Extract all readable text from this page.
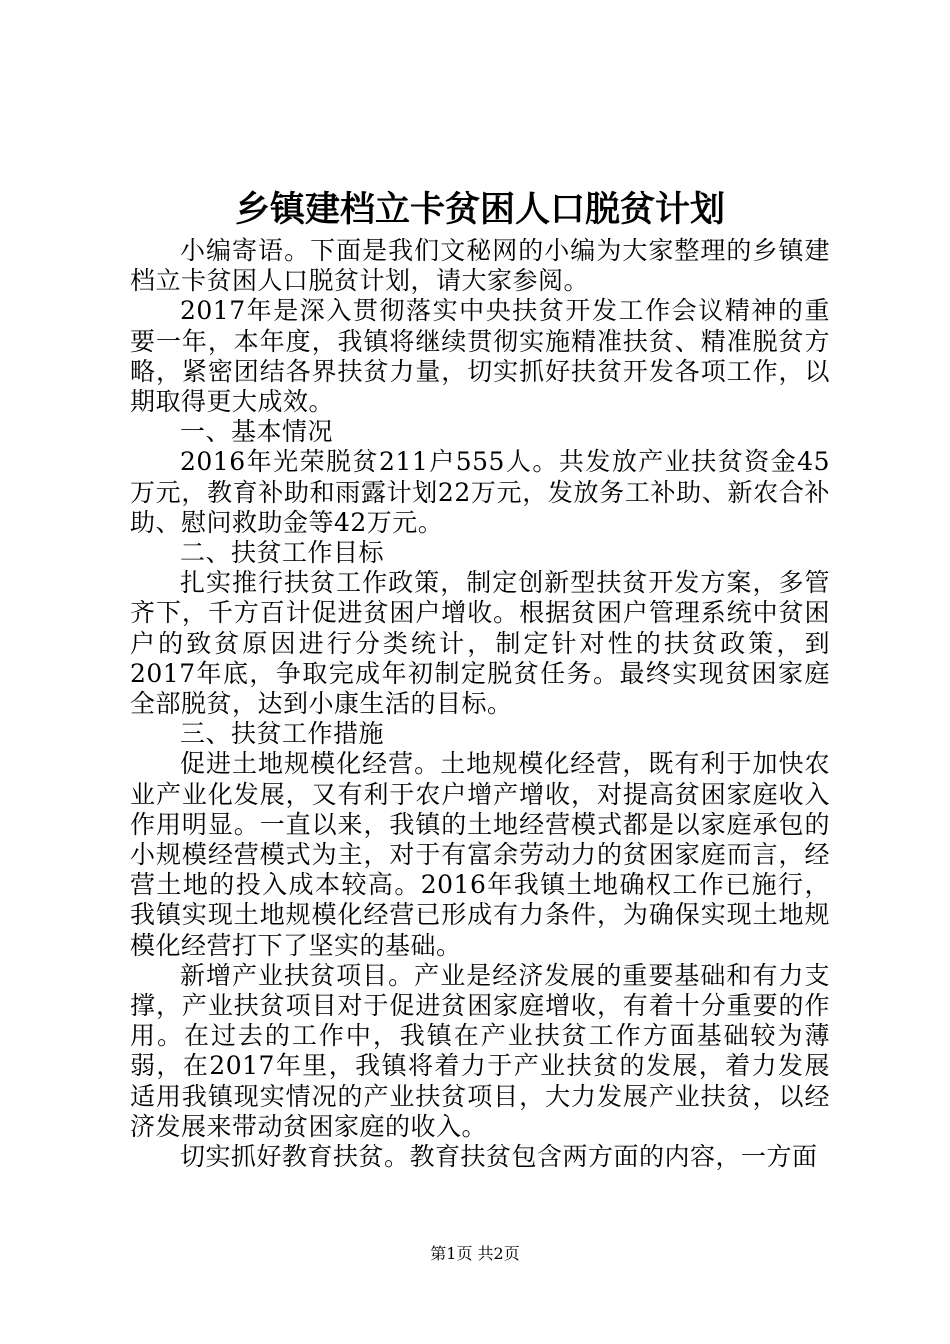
乡镇建档立卡贫困人口脱贫计划

小编寄语。下面是我们文秘网的小编为大家整理的乡镇建档立卡贫困人口脱贫计划，请大家参阅。

2017年是深入贯彻落实中央扶贫开发工作会议精神的重要一年，本年度，我镇将继续贯彻实施精准扶贫、精准脱贫方略，紧密团结各界扶贫力量，切实抓好扶贫开发各项工作，以期取得更大成效。

一、基本情况

2016年光荣脱贫211户555人。共发放产业扶贫资金45万元，教育补助和雨露计划22万元，发放务工补助、新农合补助、慰问救助金等42万元。

二、扶贫工作目标

扎实推行扶贫工作政策，制定创新型扶贫开发方案，多管齐下，千方百计促进贫困户增收。根据贫困户管理系统中贫困户的致贫原因进行分类统计，制定针对性的扶贫政策，到2017年底，争取完成年初制定脱贫任务。最终实现贫困家庭全部脱贫，达到小康生活的目标。

三、扶贫工作措施

促进土地规模化经营。土地规模化经营，既有利于加快农业产业化发展，又有利于农户增产增收，对提高贫困家庭收入作用明显。一直以来，我镇的土地经营模式都是以家庭承包的小规模经营模式为主，对于有富余劳动力的贫困家庭而言，经营土地的投入成本较高。2016年我镇土地确权工作已施行，我镇实现土地规模化经营已形成有力条件，为确保实现土地规模化经营打下了坚实的基础。

新增产业扶贫项目。产业是经济发展的重要基础和有力支撑，产业扶贫项目对于促进贫困家庭增收，有着十分重要的作用。在过去的工作中，我镇在产业扶贫工作方面基础较为薄弱，在2017年里，我镇将着力于产业扶贫的发展，着力发展适用我镇现实情况的产业扶贫项目，大力发展产业扶贫，以经济发展来带动贫困家庭的收入。

切实抓好教育扶贫。教育扶贫包含两方面的内容，一方面

第1页 共2页
